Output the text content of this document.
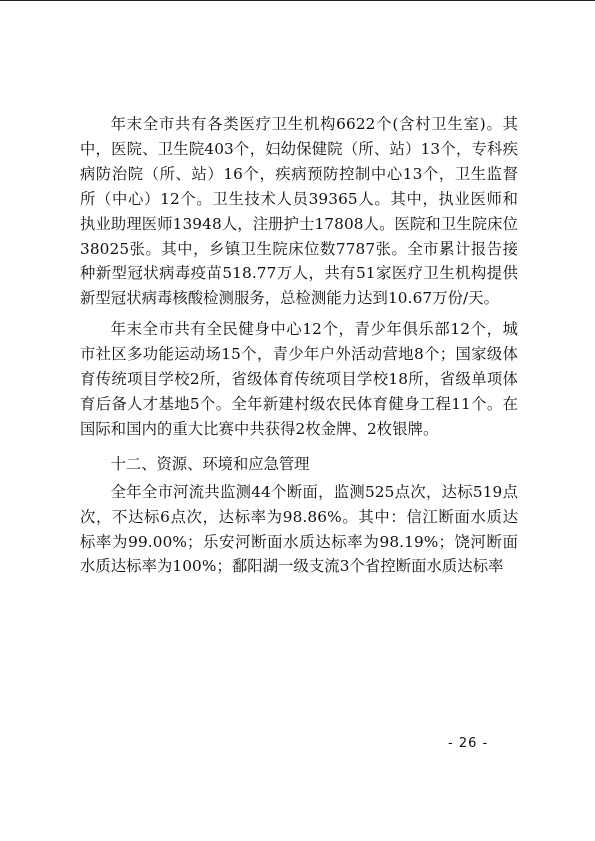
年末全市共有各类医疗卫生机构6622个(含村卫生室)。其中，医院、卫生院403个，妇幼保健院（所、站）13个，专科疾病防治院（所、站）16个，疾病预防控制中心13个，卫生监督所（中心）12个。卫生技术人员39365人。其中，执业医师和执业助理医师13948人，注册护士17808人。医院和卫生院床位38025张。其中，乡镇卫生院床位数7787张。全市累计报告接种新型冠状病毒疫苗518.77万人，共有51家医疗卫生机构提供新型冠状病毒核酸检测服务，总检测能力达到10.67万份/天。

年末全市共有全民健身中心12个，青少年俱乐部12个，城市社区多功能运动场15个，青少年户外活动营地8个；国家级体育传统项目学校2所，省级体育传统项目学校18所，省级单项体育后备人才基地5个。全年新建村级农民体育健身工程11个。在国际和国内的重大比赛中共获得2枚金牌、2枚银牌。

十二、资源、环境和应急管理

全年全市河流共监测44个断面，监测525点次，达标519点次，不达标6点次，达标率为98.86%。其中：信江断面水质达标率为99.00%；乐安河断面水质达标率为98.19%；饶河断面水质达标率为100%；鄱阳湖一级支流3个省控断面水质达标率

- 26 -
